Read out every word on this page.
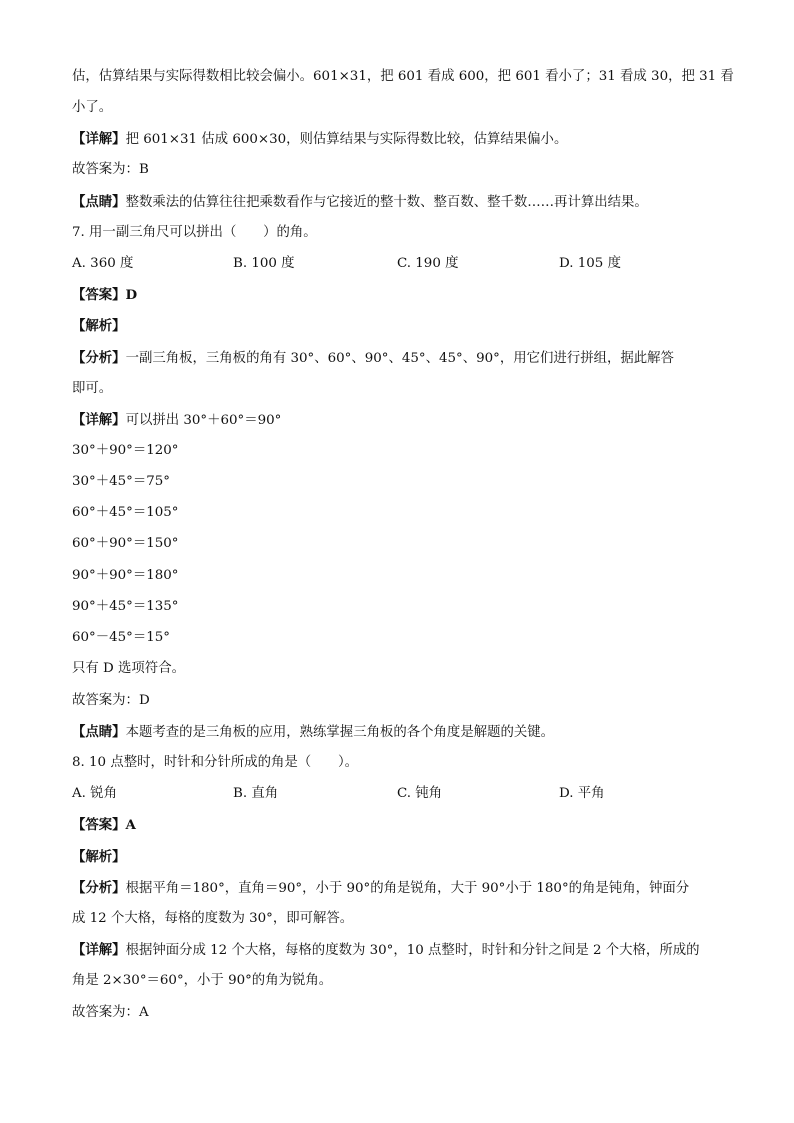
估，估算结果与实际得数相比较会偏小。601×31，把 601 看成 600，把 601 看小了；31 看成 30，把 31 看
小了。
【详解】把 601×31 估成 600×30，则估算结果与实际得数比较，估算结果偏小。
故答案为：B
【点睛】整数乘法的估算往往把乘数看作与它接近的整十数、整百数、整千数……再计算出结果。
7. 用一副三角尺可以拼出（　　）的角。
A. 360 度	B. 100 度	C. 190 度	D. 105 度
【答案】D
【解析】
【分析】一副三角板，三角板的角有 30°、60°、90°、45°、45°、90°，用它们进行拼组，据此解答
即可。
【详解】可以拼出 30°＋60°＝90°
30°＋90°＝120°
30°＋45°＝75°
60°＋45°＝105°
60°＋90°＝150°
90°＋90°＝180°
90°＋45°＝135°
60°－45°＝15°
只有 D 选项符合。
故答案为：D
【点睛】本题考查的是三角板的应用，熟练掌握三角板的各个角度是解题的关键。
8. 10 点整时，时针和分针所成的角是（　　）。
A. 锐角	B. 直角	C. 钝角	D. 平角
【答案】A
【解析】
【分析】根据平角＝180°，直角＝90°，小于 90°的角是锐角，大于 90°小于 180°的角是钝角，钟面分
成 12 个大格，每格的度数为 30°，即可解答。
【详解】根据钟面分成 12 个大格，每格的度数为 30°，10 点整时，时针和分针之间是 2 个大格，所成的
角是 2×30°＝60°，小于 90°的角为锐角。
故答案为：A
